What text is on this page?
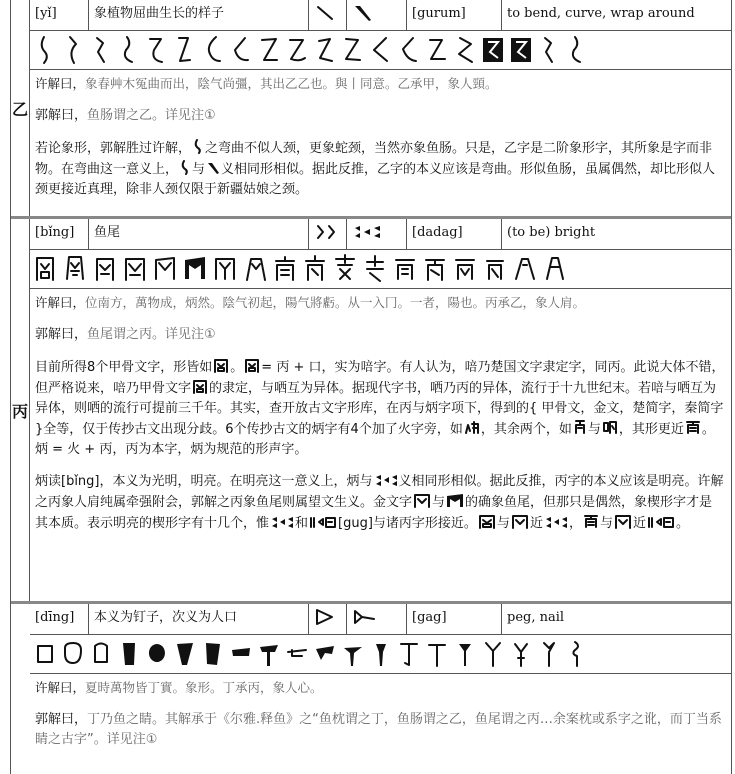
乙
[yǐ]	象植物屈曲生长的样子	[gurum]	to bend, curve, wrap around

许解曰，象春艸木冤曲而出，陰气尚彊，其出乙乙也。與丨同意。乙承甲，象人頸。

郭解曰，鱼肠谓之乙。详见注①

若论象形，郭解胜过许解， 之弯曲不似人颈，更象蛇颈，当然亦象鱼肠。只是，乙字是二阶象形字，其所象是字而非物。在弯曲这一意义上， 与 义相同形相似。据此反推，乙字的本义应该是弯曲。形似鱼肠，虽属偶然，却比形似人颈更接近真理，除非人颈仅限于新疆姑娘之颈。

丙
[bǐng]	鱼尾	[dadag]	(to be) bright

许解曰，位南方，萬物成，炳然。陰气初起，陽气將虧。从一入冂。一者，陽也。丙承乙，象人肩。

郭解曰，鱼尾谓之丙。详见注①

目前所得8个甲骨文字，形皆如 。 = 丙 + 口，实为㖣字。有人认为，㖣乃楚国文字隶定字，同丙。此说大体不错，但严格说来，㖣乃甲骨文字 的隶定，与哂互为异体。据现代字书，哂乃丙的异体，流行于十九世纪末。若㖣与哂互为异体，则哂的流行可提前三千年。其实，查开放古文字形库，在丙与炳字项下，得到的{ 甲骨文，金文，楚简字，秦简字 }全等，仅于传抄古文出现分歧。6个传抄古文的炳字有4个加了火字旁，如 ，其余两个，如 与 ，其形更近 。炳 = 火 + 丙，丙为本字，炳为规范的形声字。

炳读[bǐng]，本义为光明，明亮。在明亮这一意义上，炳与 义相同形相似。据此反推，丙字的本义应该是明亮。许解之丙象人肩纯属牵强附会，郭解之丙象鱼尾则属望文生义。金文字 与 的确象鱼尾，但那只是偶然，象楔形字才是其本质。表示明亮的楔形字有十几个，惟 和 [gug]与诸丙字形接近。 与 近 ， 与 近 。

[dīng]	本义为钉子，次义为人口	[gag]	peg, nail

许解曰，夏時萬物皆丁實。象形。丁承丙，象人心。

郭解曰，丁乃鱼之睛。其解承于《尔雅.释鱼》之“鱼枕谓之丁，鱼肠谓之乙，鱼尾谓之丙…余案枕或系字之讹，而丁当系睛之古字”。详见注①
